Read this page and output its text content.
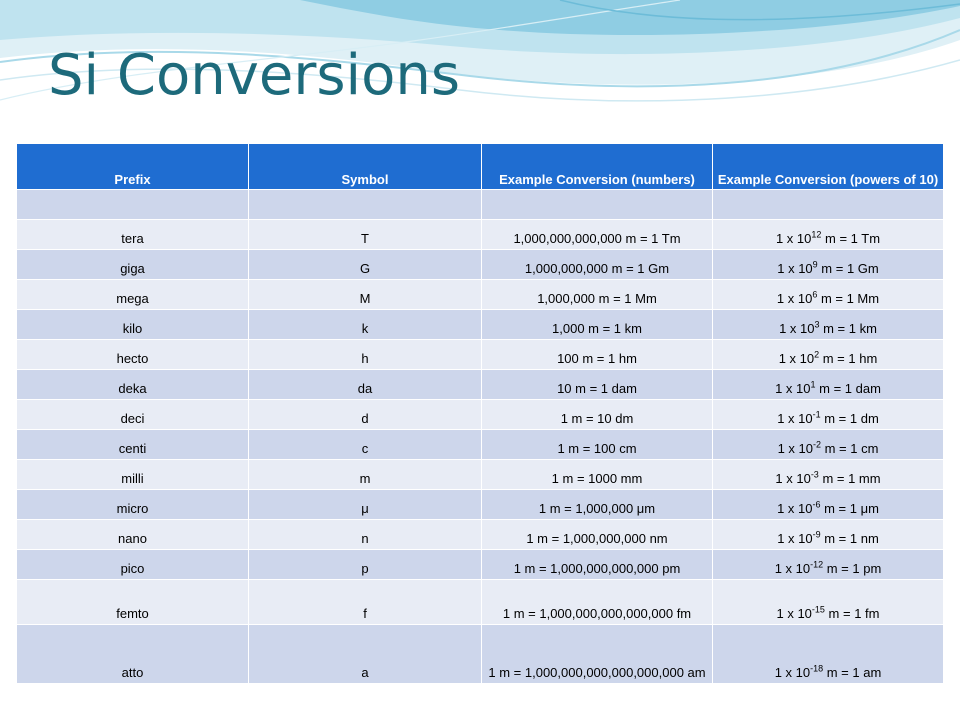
Si Conversions
Prefix	Symbol	Example Conversion (numbers)	Example Conversion (powers of 10)

tera	T	1,000,000,000,000 m = 1 Tm	1 x $10^{12}$ m = 1 Tm
giga	G	1,000,000,000 m = 1 Gm	1 x $10^9$ m = 1 Gm
mega	M	1,000,000 m = 1 Mm	1 x $10^6$ m = 1 Mm
kilo	k	1,000 m = 1 km	1 x $10^3$ m = 1 km
hecto	h	100 m = 1 hm	1 x $10^2$ m = 1 hm
deka	da	10 m = 1 dam	1 x $10^1$ m = 1 dam
deci	d	1 m = 10 dm	1 x $10^{-1}$ m = 1 dm
centi	c	1 m = 100 cm	1 x $10^{-2}$ m = 1 cm
milli	m	1 m = 1000 mm	1 x $10^{-3}$ m = 1 mm
micro	μ	1 m = 1,000,000 μm	1 x $10^{-6}$ m = 1 μm
nano	n	1 m = 1,000,000,000 nm	1 x $10^{-9}$ m = 1 nm
pico	p	1 m = 1,000,000,000,000 pm	1 x $10^{-12}$ m = 1 pm
femto	f	1 m = 1,000,000,000,000,000 fm	1 x $10^{-15}$ m = 1 fm
atto	a	1 m = 1,000,000,000,000,000,000 am	1 x $10^{-18}$ m = 1 am
